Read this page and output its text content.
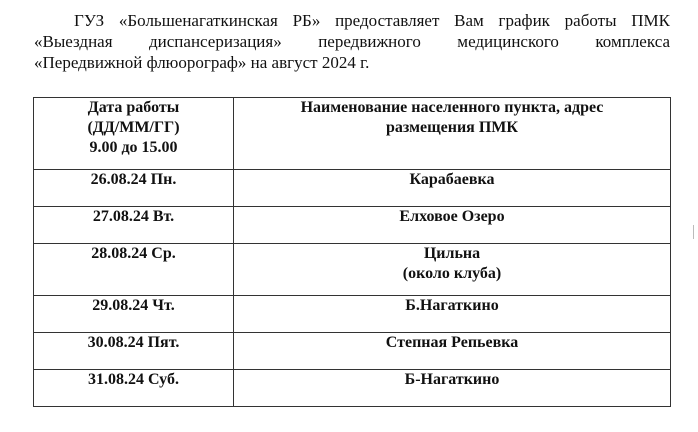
ГУЗ «Большенагаткинская РБ» предоставляет Вам график работы ПМК
«Выездная диспансеризация» передвижного медицинского комплекса
«Передвижной флюорограф» на август 2024 г.

Дата работы
(ДД/ММ/ГГ)
9.00 до 15.00	Наименование населенного пункта, адрес
размещения ПМК

26.08.24 Пн.	Карабаевка
27.08.24 Вт.	Елховое Озеро
28.08.24 Ср.	Цильна
(около клуба)

29.08.24 Чт.	Б.Нагаткино
30.08.24 Пят.	Степная Репьевка
31.08.24 Суб.	Б-Нагаткино
